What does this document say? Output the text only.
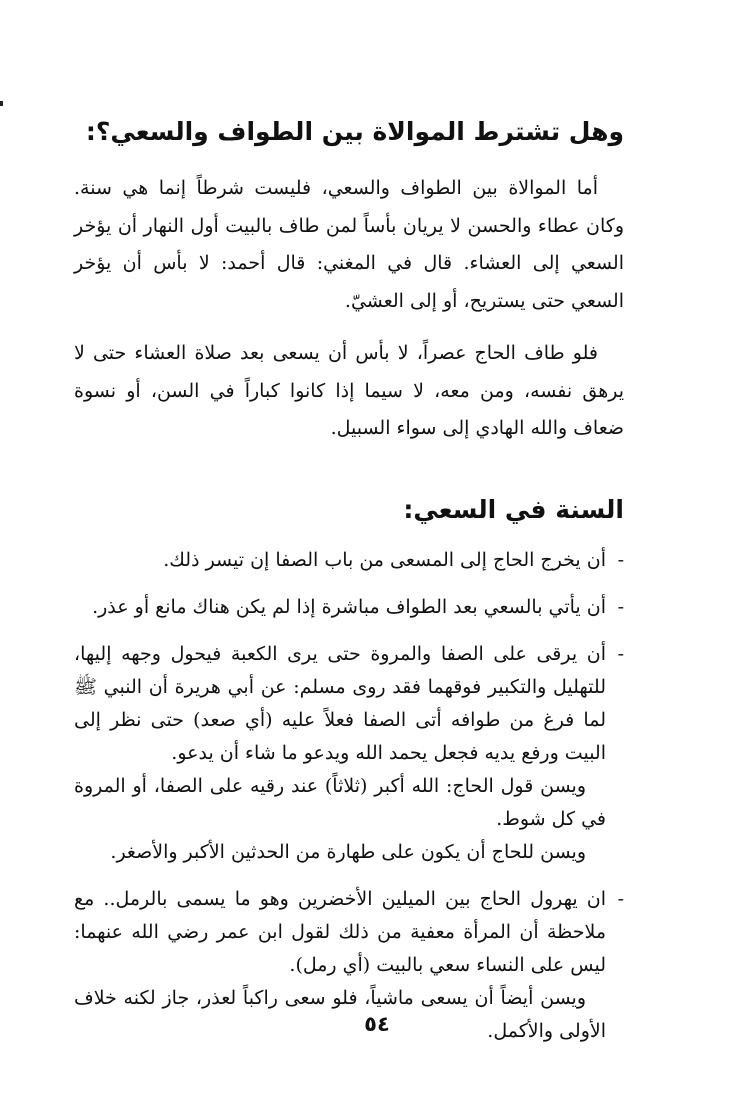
وهل تشترط الموالاة بين الطواف والسعي؟:

أما الموالاة بين الطواف والسعي، فليست شرطاً إنما هي سنة. وكان عطاء والحسن لا يريان بأساً لمن طاف بالبيت أول النهار أن يؤخر السعي إلى العشاء. قال في المغني: قال أحمد: لا بأس أن يؤخر السعي حتى يستريح، أو إلى العشيّ.

فلو طاف الحاج عصراً، لا بأس أن يسعى بعد صلاة العشاء حتى لا يرهق نفسه، ومن معه، لا سيما إذا كانوا كباراً في السن، أو نسوة ضعاف والله الهادي إلى سواء السبيل.

السنة في السعي:
-
أن يخرج الحاج إلى المسعى من باب الصفا إن تيسر ذلك.
-
أن يأتي بالسعي بعد الطواف مباشرة إذا لم يكن هناك مانع أو عذر.
-
أن يرقى على الصفا والمروة حتى يرى الكعبة فيحول وجهه إليها، للتهليل والتكبير فوقهما فقد روى مسلم: عن أبي هريرة أن النبي ﷺ لما فرغ من طوافه أتى الصفا فعلاً عليه (أي صعد) حتى نظر إلى البيت ورفع يديه فجعل يحمد الله ويدعو ما شاء أن يدعو.
ويسن قول الحاج: الله أكبر (ثلاثاً) عند رقيه على الصفا، أو المروة في كل شوط.
ويسن للحاج أن يكون على طهارة من الحدثين الأكبر والأصغر.
-
ان يهرول الحاج بين الميلين الأخضرين وهو ما يسمى بالرمل.. مع ملاحظة أن المرأة معفية من ذلك لقول ابن عمر رضي الله عنهما: ليس على النساء سعي بالبيت (أي رمل).
ويسن أيضاً أن يسعى ماشياً، فلو سعى راكباً لعذر، جاز لكنه خلاف الأولى والأكمل.
٥٤
